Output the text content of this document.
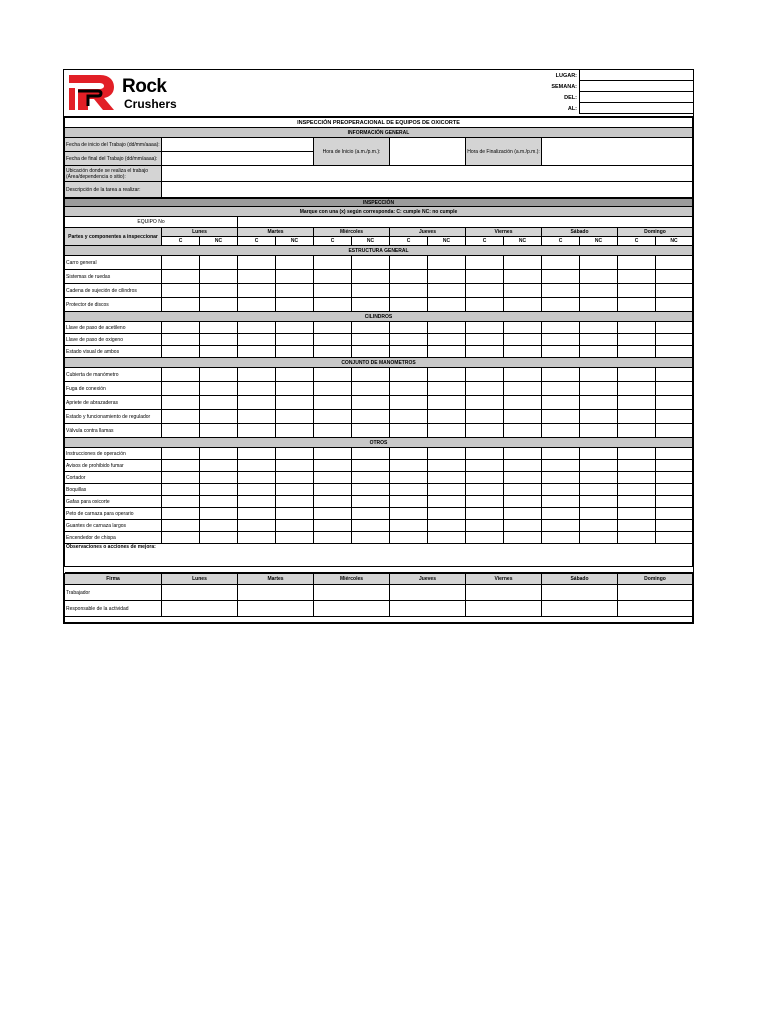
Rock
Crushers
LUGAR:
SEMANA:
DEL:
AL:
INSPECCIÓN PREOPERACIONAL DE EQUIPOS DE OXICORTE					
INFORMACIÓN GENERAL					
Fecha de inicio del Trabajo (dd/mm/aaaa):		Hora de Inicio (a.m./p.m.):		Hora de Finalización (a.m./p.m.):	
Fecha de final del Trabajo (dd/mm/aaaa):					
Ubicación donde se realiza el trabajo (Área/dependencia o sitio):					
Descripción de la tarea a realizar:					
INSPECCIÓN														
Marque con una (x) según corresponda: C: cumple NC: no cumple														
EQUIPO No														
Partes y componentes a inspeccionar	Lunes		Martes		Miércoles		Jueves		Viernes		Sábado		Domingo	
	C	NC	C	NC	C	NC	C	NC	C	NC	C	NC	C	NC
ESTRUCTURA GENERAL														
Carro general														
Sistemas de ruedas														
Cadena de sujeción de cilindros														
Protector de discos														
CILINDROS														
Llave de paso de acetileno														
Llave de paso de oxigeno														
Estado visual de ambos														
CONJUNTO DE MANOMETROS														
Cubierta de manómetro														
Fuga de conexión														
Apriete de abrazaderas														
Estado y funcionamiento de regulador														
Válvula contra llamas														
OTROS														
Instrucciones de operación														
Avisos de prohibido fumar														
Cortador														
Boquillas														
Gafas para oxicorte														
Peto de carnaza para operario														
Guantes de carnaza largos														
Encendedor de chispa														
Observaciones o acciones de mejora:														

Firma	Lunes	Martes	Miércoles	Jueves	Viernes	Sábado	Domingo
Trabajador							
Responsable de la actividad							
